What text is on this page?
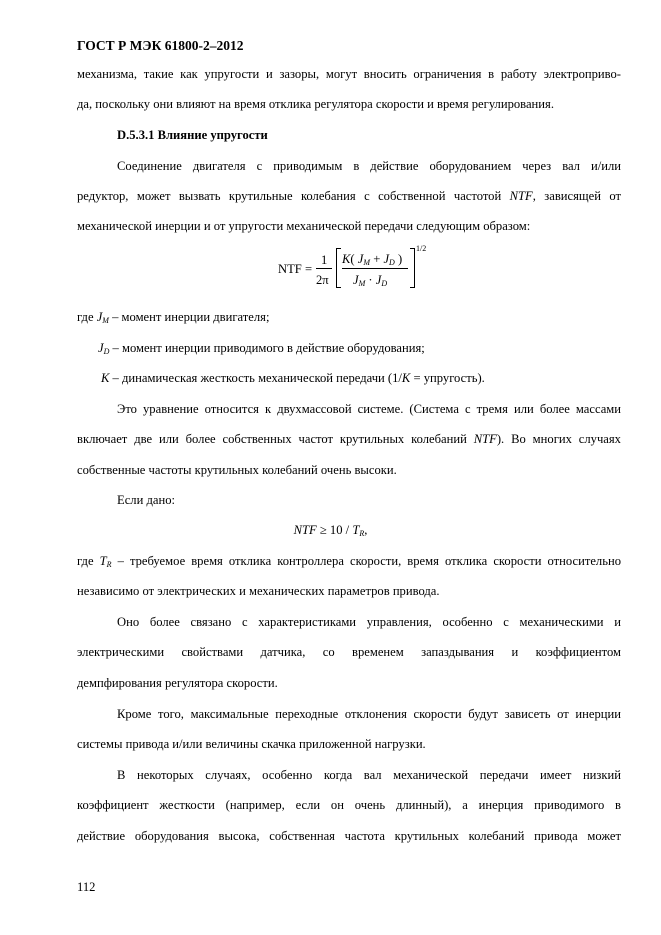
ГОСТ Р МЭК 61800-2–2012
механизма, такие как упругости и зазоры, могут вносить ограничения в работу электроприво-
да, поскольку они влияют на время отклика регулятора скорости и время регулирования.
D.5.3.1 Влияние упругости
Соединение двигателя с приводимым в действие оборудованием через вал и/или
редуктор, может вызвать крутильные колебания с собственной частотой NTF, зависящей от
механической инерции и от упругости механической передачи следующим образом:
NTF =
1
2π
K( $J_M + J_D$ )
$J_M \cdot J_D$
1/2
где $J_M$ – момент инерции двигателя;
$J_D$ – момент инерции приводимого в действие оборудования;
K – динамическая жесткость механической передачи (1/K = упругость).
Это уравнение относится к двухмассовой системе. (Система с тремя или более массами
включает две или более собственных частот крутильных колебаний NTF). Во многих случаях
собственные частоты крутильных колебаний очень высоки.
Если дано:
NTF ≥ $10 / T_R$,
где $T_R$ – требуемое время отклика контроллера скорости, время отклика скорости относительно
независимо от электрических и механических параметров привода.
Оно более связано с характеристиками управления, особенно с механическими и
электрическими свойствами датчика, со временем запаздывания и коэффициентом
демпфирования регулятора скорости.
Кроме того, максимальные переходные отклонения скорости будут зависеть от инерции
системы привода и/или величины скачка приложенной нагрузки.
В некоторых случаях, особенно когда вал механической передачи имеет низкий
коэффициент жесткости (например, если он очень длинный), а инерция приводимого в
действие оборудования высока, собственная частота крутильных колебаний привода может
112
